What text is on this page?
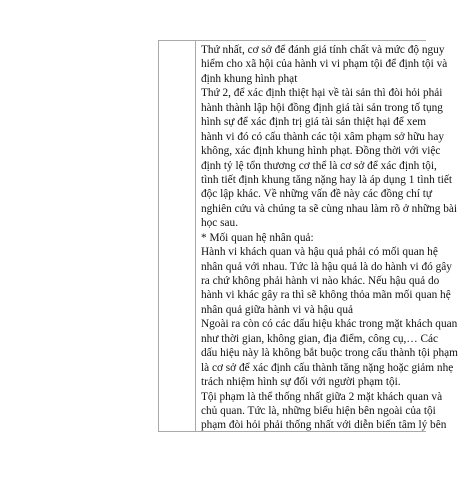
Thứ nhất, cơ sở để đánh giá tính chất và mức độ nguy
hiểm cho xã hội của hành vi vi phạm tội để định tội và
định khung hình phạt
Thứ 2, để xác định thiệt hại về tài sản thì đòi hỏi phải
hành thành lập hội đồng định giá tài sản trong tố tụng
hình sự để xác định trị giá tài sản thiệt hại để xem
hành vi đó có cấu thành các tội xâm phạm sở hữu hay
không, xác định khung hình phạt. Đồng thời với việc
định tỷ lệ tổn thương cơ thể là cơ sở để xác định tội,
tình tiết định khung tăng nặng hay là áp dụng 1 tình tiết
độc lập khác. Về những vấn đề này các đồng chí tự
nghiên cứu và chúng ta sẽ cùng nhau làm rõ ở những bài
học sau.
* Mối quan hệ nhân quả:
Hành vi khách quan và hậu quả phải có mối quan hệ
nhân quả với nhau. Tức là hậu quả là do hành vi đó gây
ra chứ không phải hành vi nào khác. Nếu hậu quả do
hành vi khác gây ra thì sẽ không thỏa mãn mối quan hệ
nhân quả giữa hành vi và hậu quả
Ngoài ra còn có các dấu hiệu khác trong mặt khách quan
như thời gian, không gian, địa điểm, công cụ,… Các
dấu hiệu này là không bắt buộc trong cấu thành tội phạm
là cơ sở để xác định cấu thành tăng nặng hoặc giảm nhẹ
trách nhiệm hình sự đối với người phạm tội.
Tội phạm là thể thống nhất giữa 2 mặt khách quan và
chủ quan. Tức là, những biểu hiện bên ngoài của tội
phạm đòi hỏi phải thống nhất với diễn biến tâm lý bên
